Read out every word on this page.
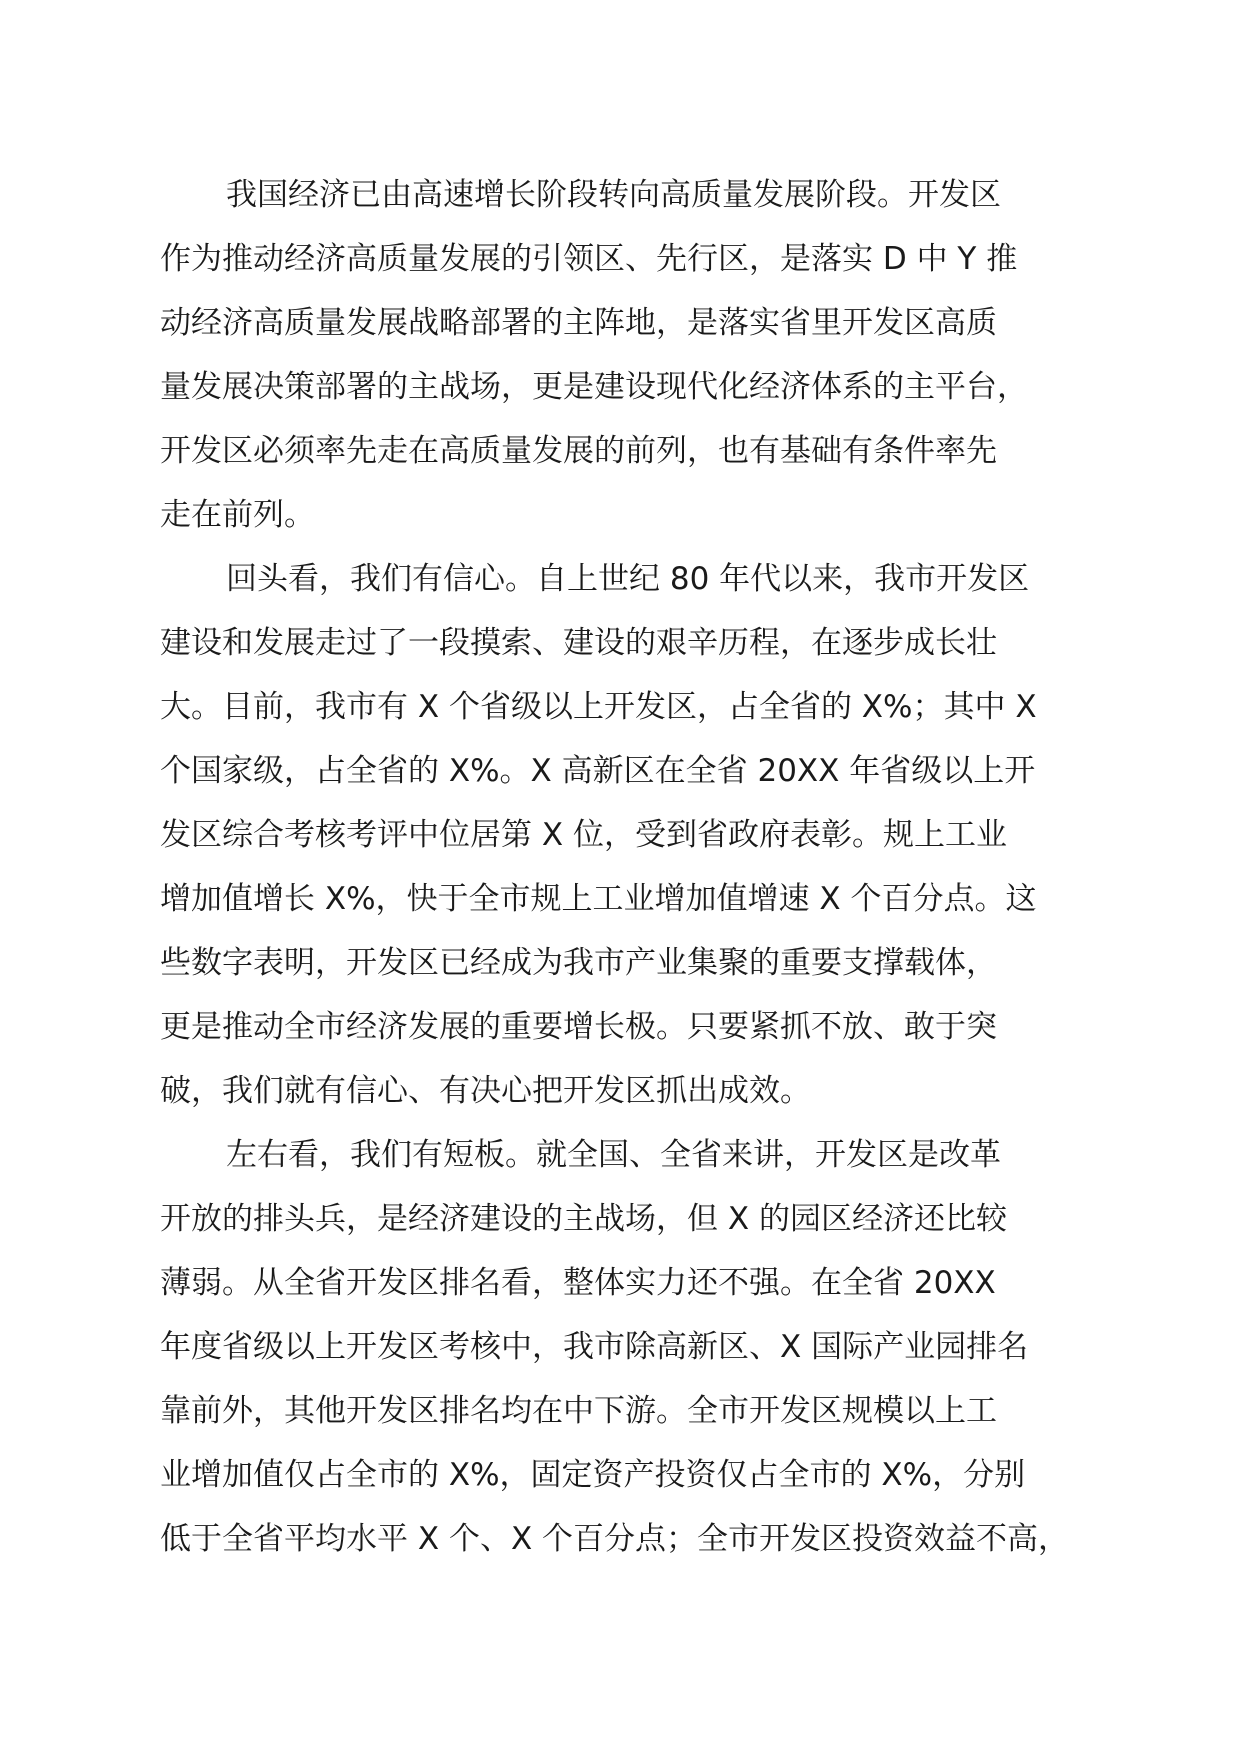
我国经济已由高速增长阶段转向高质量发展阶段。开发区
作为推动经济高质量发展的引领区、先行区，是落实 D 中 Y 推
动经济高质量发展战略部署的主阵地，是落实省里开发区高质
量发展决策部署的主战场，更是建设现代化经济体系的主平台，
开发区必须率先走在高质量发展的前列，也有基础有条件率先
走在前列。
回头看，我们有信心。自上世纪 80 年代以来，我市开发区
建设和发展走过了一段摸索、建设的艰辛历程，在逐步成长壮
大。目前，我市有 X 个省级以上开发区，占全省的 X%；其中 X
个国家级，占全省的 X%。X 高新区在全省 20XX 年省级以上开
发区综合考核考评中位居第 X 位，受到省政府表彰。规上工业
增加值增长 X%，快于全市规上工业增加值增速 X 个百分点。这
些数字表明，开发区已经成为我市产业集聚的重要支撑载体，
更是推动全市经济发展的重要增长极。只要紧抓不放、敢于突
破，我们就有信心、有决心把开发区抓出成效。
左右看，我们有短板。就全国、全省来讲，开发区是改革
开放的排头兵，是经济建设的主战场，但 X 的园区经济还比较
薄弱。从全省开发区排名看，整体实力还不强。在全省 20XX
年度省级以上开发区考核中，我市除高新区、X 国际产业园排名
靠前外，其他开发区排名均在中下游。全市开发区规模以上工
业增加值仅占全市的 X%，固定资产投资仅占全市的 X%，分别
低于全省平均水平 X 个、X 个百分点；全市开发区投资效益不高，
